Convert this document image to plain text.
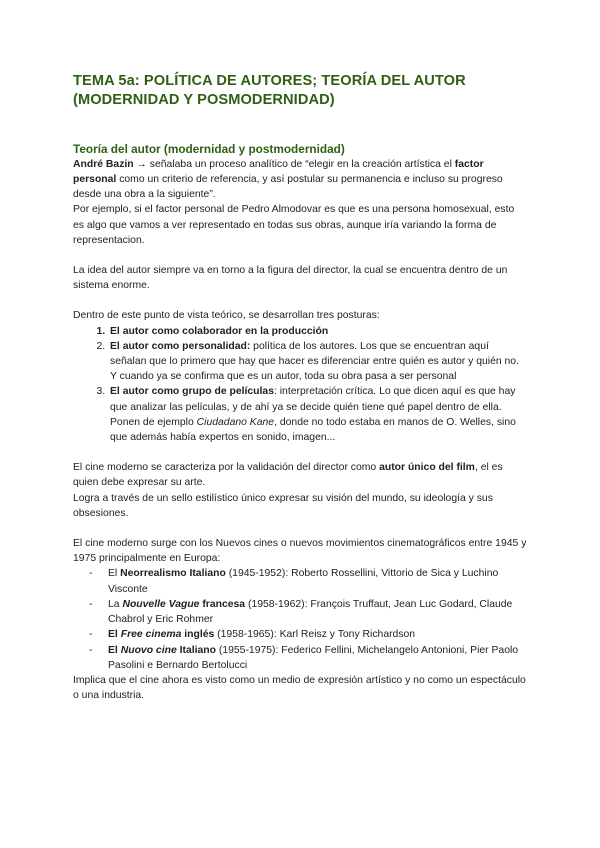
TEMA 5a: POLÍTICA DE AUTORES; TEORÍA DEL AUTOR
(MODERNIDAD Y POSMODERNIDAD)
Teoría del autor (modernidad y postmodernidad)

André Bazin → señalaba un proceso analítico de “elegir en la creación artística el factor personal como un criterio de referencia, y así postular su permanencia e incluso su progreso desde una obra a la siguiente”.

Por ejemplo, si el factor personal de Pedro Almodovar es que es una persona homosexual, esto es algo que vamos a ver representado en todas sus obras, aunque iría variando la forma de representacion.

La idea del autor siempre va en torno a la figura del director, la cual se encuentra dentro de un sistema enorme.

Dentro de este punto de vista teórico, se desarrollan tres posturas:

1. El autor como colaborador en la producción
2. El autor como personalidad: política de los autores. Los que se encuentran aquí señalan que lo primero que hay que hacer es diferenciar entre quién es autor y quién no. Y cuando ya se confirma que es un autor, toda su obra pasa a ser personal
3. El autor como grupo de películas: interpretación crítica. Lo que dicen aquí es que hay que analizar las películas, y de ahí ya se decide quién tiene qué papel dentro de ella. Ponen de ejemplo Ciudadano Kane, donde no todo estaba en manos de O. Welles, sino que además había expertos en sonido, imagen...

El cine moderno se caracteriza por la validación del director como autor único del film, el es quien debe expresar su arte.

Logra a través de un sello estilístico único expresar su visión del mundo, su ideología y sus obsesiones.

El cine moderno surge con los Nuevos cines o nuevos movimientos cinematográficos entre 1945 y 1975 principalmente en Europa:

- El Neorrealismo Italiano (1945-1952): Roberto Rossellini, Vittorio de Sica y Luchino Visconte
- La Nouvelle Vague francesa (1958-1962): François Truffaut, Jean Luc Godard, Claude Chabrol y Eric Rohmer
- El Free cinema inglés (1958-1965): Karl Reisz y Tony Richardson
- El Nuovo cine Italiano (1955-1975): Federico Fellini, Michelangelo Antonioni, Pier Paolo Pasolini e Bernardo Bertolucci

Implica que el cine ahora es visto como un medio de expresión artístico y no como un espectáculo o una industria.
